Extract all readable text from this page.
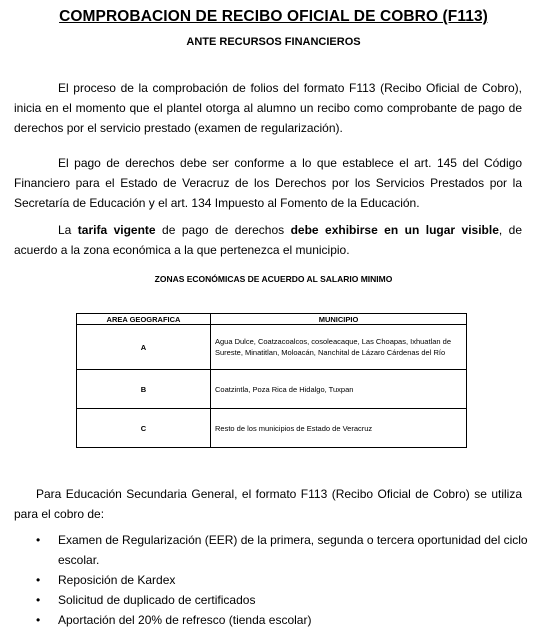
COMPROBACION DE RECIBO OFICIAL DE COBRO (F113)
ANTE RECURSOS FINANCIEROS

El proceso de la comprobación de folios del formato F113 (Recibo Oficial de Cobro), inicia en el momento que el plantel otorga al alumno un recibo como comprobante de pago de derechos por el servicio prestado (examen de regularización).

El pago de derechos debe ser conforme a lo que establece el art. 145 del Código Financiero para el Estado de Veracruz de los Derechos por los Servicios Prestados por la Secretaría de Educación y el art. 134 Impuesto al Fomento de la Educación.

La tarifa vigente de pago de derechos debe exhibirse en un lugar visible, de acuerdo a la zona económica a la que pertenezca el municipio.

ZONAS ECONÓMICAS DE ACUERDO AL SALARIO MINIMO
AREA GEOGRAFICA	MUNICIPIO
A	Agua Dulce, Coatzacoalcos, cosoleacaque, Las Choapas, Ixhuatlan de Sureste, Minatitlan, Moloacán, Nanchital de Lázaro Cárdenas del Río
B	Coatzintla, Poza Rica de Hidalgo, Tuxpan
C	Resto de los municipios de Estado de Veracruz

Para Educación Secundaria General, el formato F113 (Recibo Oficial de Cobro) se utiliza para el cobro de:

• Examen de Regularización (EER) de la primera, segunda o tercera oportunidad del ciclo escolar.
• Reposición de Kardex
• Solicitud de duplicado de certificados
• Aportación del 20% de refresco (tienda escolar)
